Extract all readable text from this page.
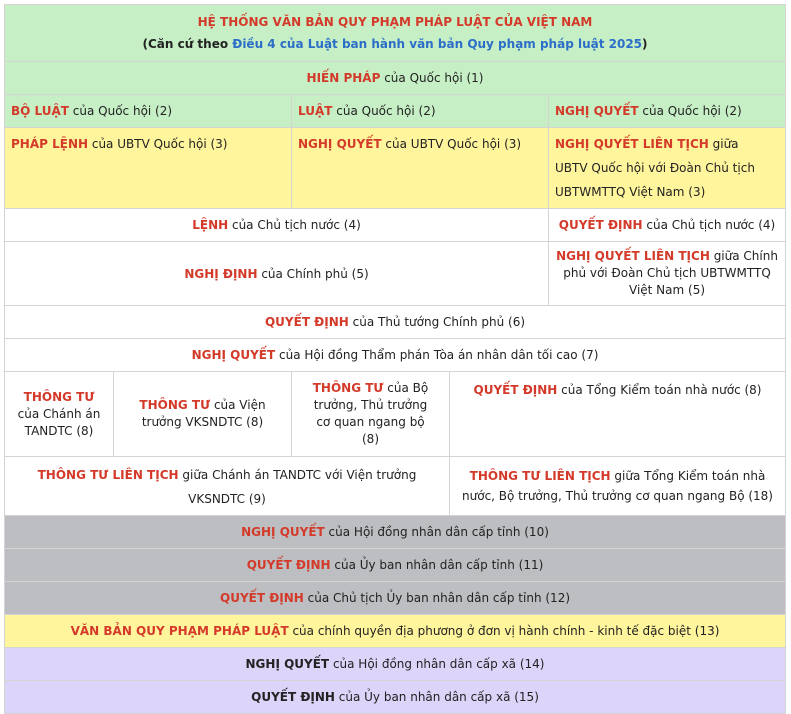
HỆ THỐNG VĂN BẢN QUY PHẠM PHÁP LUẬT CỦA VIỆT NAM
(Căn cứ theo Điều 4 của Luật ban hành văn bản Quy phạm pháp luật 2025)				

HIẾN PHÁP của Quốc hội (1)				
BỘ LUẬT của Quốc hội (2)		LUẬT của Quốc hội (2)		NGHỊ QUYẾT của Quốc hội (2)
PHÁP LỆNH của UBTV Quốc hội (3)		NGHỊ QUYẾT của UBTV Quốc hội (3)		NGHỊ QUYẾT LIÊN TỊCH giữa
UBTV Quốc hội với Đoàn Chủ tịch
UBTWMTTQ Việt Nam (3)

LỆNH của Chủ tịch nước (4)				QUYẾT ĐỊNH của Chủ tịch nước (4)
NGHỊ ĐỊNH của Chính phủ (5)				NGHỊ QUYẾT LIÊN TỊCH giữa Chính phủ với Đoàn Chủ tịch UBTWMTTQ Việt Nam (5)
QUYẾT ĐỊNH của Thủ tướng Chính phủ (6)				
NGHỊ QUYẾT của Hội đồng Thẩm phán Tòa án nhân dân tối cao (7)				
THÔNG TƯ của Chánh án TANDTC (8)	THÔNG TƯ của Viện trưởng VKSNDTC (8)	THÔNG TƯ của Bộ trưởng, Thủ trưởng cơ quan ngang bộ (8)	QUYẾT ĐỊNH của Tổng Kiểm toán nhà nước (8)	
THÔNG TƯ LIÊN TỊCH giữa Chánh án TANDTC với Viện trưởng VKSNDTC (9)			THÔNG TƯ LIÊN TỊCH giữa Tổng Kiểm toán nhà nước, Bộ trưởng, Thủ trưởng cơ quan ngang Bộ (18)	
NGHỊ QUYẾT của Hội đồng nhân dân cấp tỉnh (10)				
QUYẾT ĐỊNH của Ủy ban nhân dân cấp tỉnh (11)				
QUYẾT ĐỊNH của Chủ tịch Ủy ban nhân dân cấp tỉnh (12)				
VĂN BẢN QUY PHẠM PHÁP LUẬT của chính quyền địa phương ở đơn vị hành chính - kinh tế đặc biệt (13)				
NGHỊ QUYẾT của Hội đồng nhân dân cấp xã (14)				
QUYẾT ĐỊNH của Ủy ban nhân dân cấp xã (15)				
